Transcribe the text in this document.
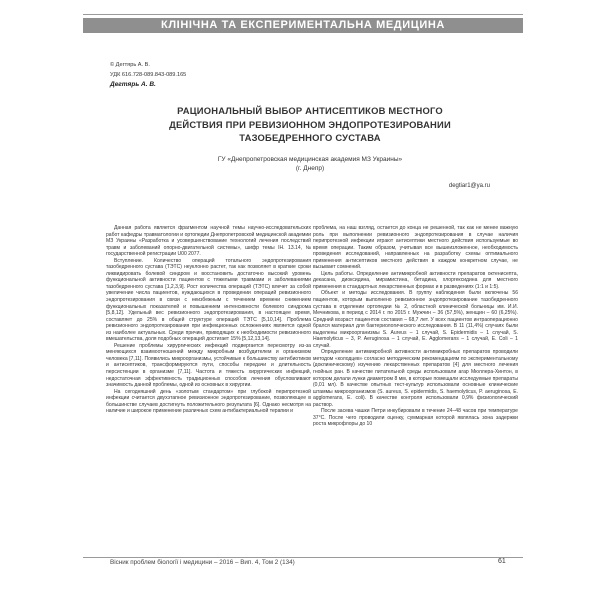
КЛІНІЧНА ТА ЕКСПЕРИМЕНТАЛЬНА МЕДИЦИНА
© Дегтярь А. В.
УДК 616.728-089.843-089.165
Дегтярь А. В.
РАЦИОНАЛЬНЫЙ ВЫБОР АНТИСЕПТИКОВ МЕСТНОГО
ДЕЙСТВИЯ ПРИ РЕВИЗИОННОМ ЭНДОПРОТЕЗИРОВАНИИ
ТАЗОБЕДРЕННОГО СУСТАВА
ГУ «Днепропетровская медицинская академия МЗ Украины»
(г. Днепр)
degtiar1@ya.ru

Данная работа является фрагментом научной темы научно-исследовательских работ кафедры травматологии и ортопедии Днепропетровской медицинской академии МЗ Украины «Разработка и усовершенствование технологий лечения последствий травм и заболеваний опорно-двигательной системы», шифр темы IH. 13.14, № государственной регистрации U00 2077.

Вступление. Количество операций тотального эндопротезирования тазобедренного сустава (ТЭТС) неуклонно растет, так как позволяет в краткие сроки ликвидировать болевой синдром и восстановить достаточно высокий уровень функциональной активности пациентов с тяжелыми травмами и заболеваниями тазобедренного сустава [1,2,3,9]. Рост количества операций (ТЭТС) влечет за собой увеличение числа пациентов, нуждающихся в проведении операций ревизионного эндопротезирования в связи с неизбежным с течением времени снижением функциональных показателей и повышением интенсивности болевого синдрома [5,8,12]. Удельный вес ревизионного эндопротезирования, в настоящее время, составляет до 25% в общей структуре операций ТЭТС [5,10,14]. Проблема ревизионного эндопротезирования при инфекционных осложнениях является одной из наиболее актуальных. Среди причин, приводящих к необходимости ревизионного вмешательства, доля подобных операций достигает 15% [5,12,13,14].

Решение проблемы хирургических инфекций подвергается пересмотру из-за меняющихся взаимоотношений между микробным возбудителем и организмом человека [7,11]. Появились микроорганизмы, устойчивые к большинству антибиотиков и антисептиков, трансформируются пути, способы передачи и длительность персистенции в организме [7,11]. Частота и тяжесть хирургических инфекций, недостаточная эффективность традиционных способов лечения обусловливают значимость данной проблемы, одной из основных в хирургии.

На сегодняшний день «золотым стандартом» при глубокой перипротезной инфекции считается двухэтапное ревизионное эндопротезирование, позволяющее в большинстве случаев достигнуть положительного результата [6]. Однако несмотря на наличие и широкое применение различных схем антибактериальной терапии и

проблема, на наш взгляд, остается до конца не решенной, так как не менее важную роль при выполнении ревизионного эндопротезирования в случае наличия перипротезной инфекции играют антисептики местного действия используемые во время операции. Таким образом, учитывая все вышеизложенное, необходимость проведения исследований, направленных на разработку схемы оптимального применения антисептиков местного действия в каждом конкретном случае, не вызывает сомнений.

Цель работы. Определение антимикробной активности препаратов октенисепта, декасана, диоксидина, мирамистина, бетадина, хлоргексидина для местного применения в стандартных лекарственных формах и в разведениях (1:1 и 1:5).

Объект и методы исследования. В группу наблюдения были включены 56 пациентов, которым выполнено ревизионное эндопротезирование тазобедренного сустава в отделении ортопедии № 2, областной клинической больницы им. И.И. Мечникова, в период с 2014 г. по 2015 г. Мужчин – 36 (57,5%), женщин – 60 (6,25%). Средний возраст пациентов составил – 68,7 лет. У всех пациентов интраоперационно брался материал для бактериологического исследования. В 11 (11,4%) случаях были выделены микроорганизмы S. Aureus – 1 случай, S. Epidermidis – 1 случай, S. Haemolyticus – 3, P. Aeruginosa – 1 случай, E. Agglomerans – 1 случай, E. Coli – 1 случай.

Определение антимикробной активности антимикробных препаратов проводили методом «колодцев» согласно методическим рекомендациям по экспериментальному (доклиническому) изучению лекарственных препаратов [4] для местного лечения гнойных ран. В качестве питательной среды использовали агар Мюллера-Хинтон, в котором делали лунки диаметром 8 мм, в которые помещали исследуемые препараты (0,01 мл). В качестве опытных тест-культур использовали основные клинические штаммы микроорганизмов (S. aureus, S. epidermidis, S. haemolyticus, P. aeruginosa, E. agglomerans, E. coli). В качестве контроля использовали 0,9% физиологический раствор.

После засева чашки Петри инкубировали в течение 24–48 часов при температуре 37°С. После чего проводили оценку, суммарная которой являлась зона задержки роста микрофлоры до 10

Вісник проблем біології і медицини – 2016 – Вип. 4, Том 2 (134)	61
